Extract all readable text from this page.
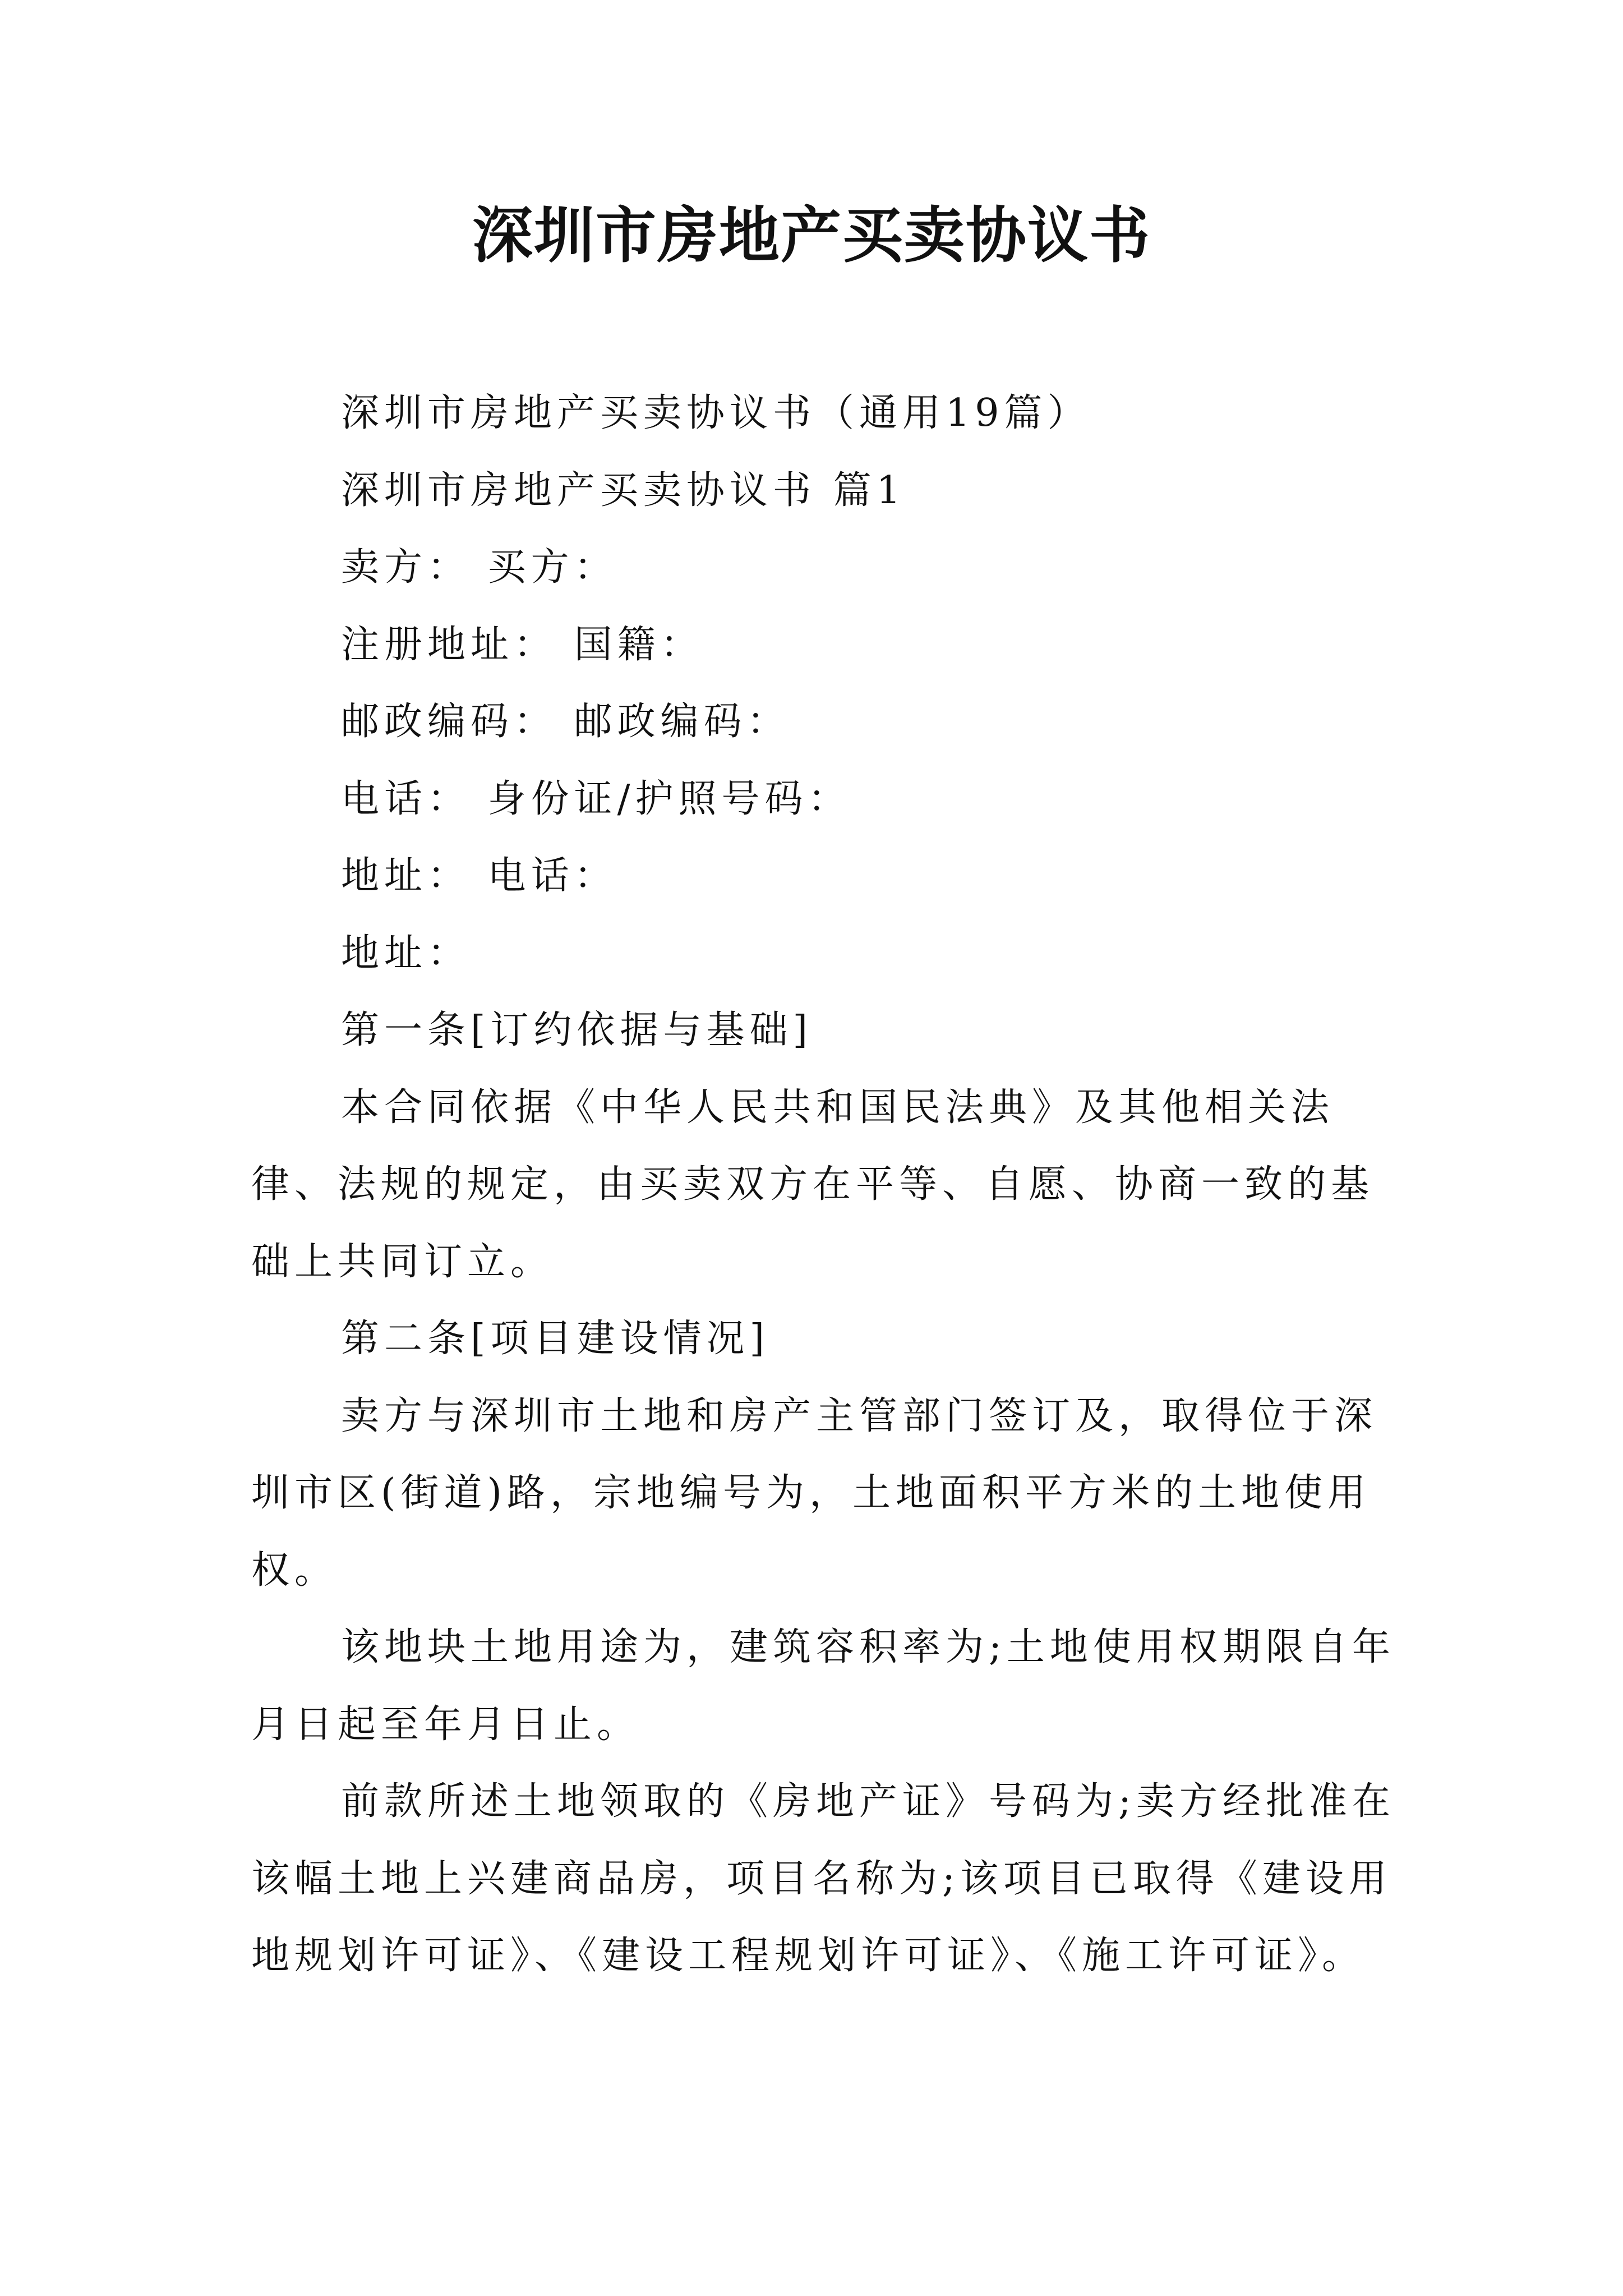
深圳市房地产买卖协议书

深圳市房地产买卖协议书（通用19篇）

深圳市房地产买卖协议书 篇1

卖方： 买方：

注册地址： 国籍：

邮政编码： 邮政编码：

电话： 身份证/护照号码：

地址： 电话：

地址：

第一条[订约依据与基础]

本合同依据《中华人民共和国民法典》及其他相关法律、法规的规定，由买卖双方在平等、自愿、协商一致的基础上共同订立。

第二条[项目建设情况]

卖方与深圳市土地和房产主管部门签订及，取得位于深圳市区(街道)路，宗地编号为，土地面积平方米的土地使用权。

该地块土地用途为，建筑容积率为;土地使用权期限自年月日起至年月日止。

前款所述土地领取的《房地产证》号码为;卖方经批准在该幅土地上兴建商品房，项目名称为;该项目已取得《建设用地规划许可证》、《建设工程规划许可证》、《施工许可证》。
